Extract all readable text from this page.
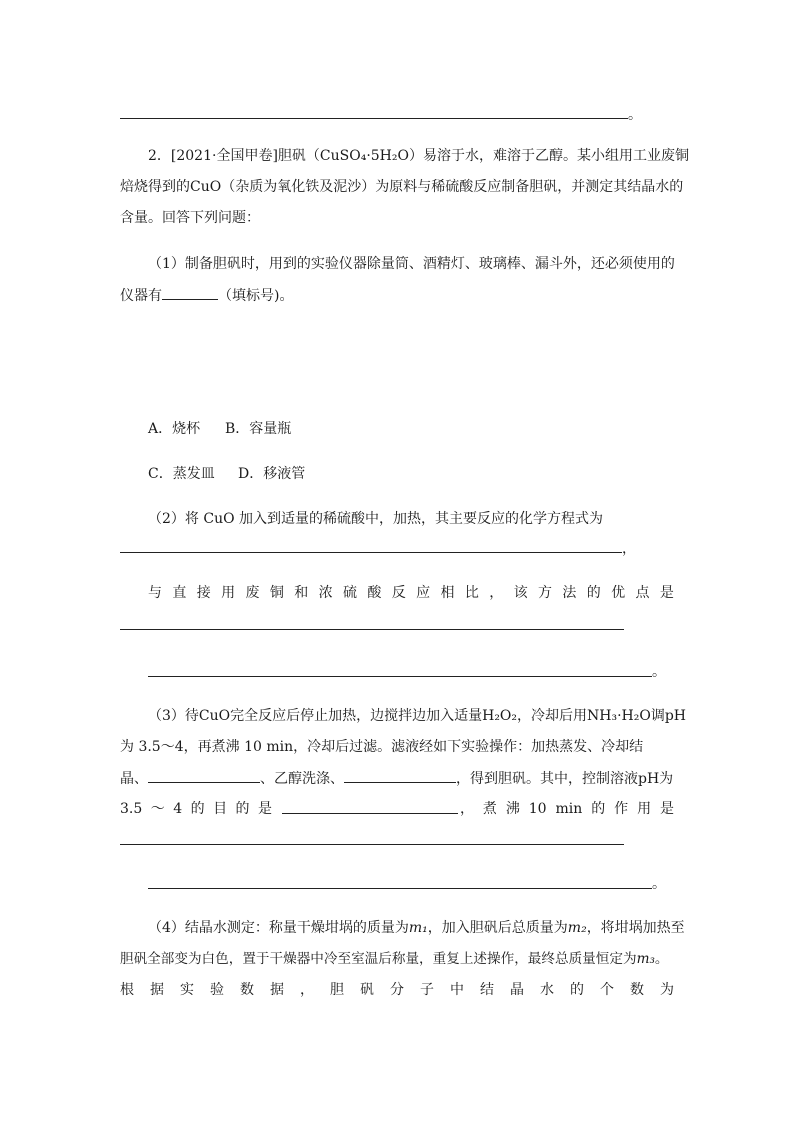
。
2．[2021·全国甲卷]胆矾（CuSO₄·5H₂O）易溶于水，难溶于乙醇。某小组用工业废铜
焙烧得到的CuO（杂质为氧化铁及泥沙）为原料与稀硫酸反应制备胆矾，并测定其结晶水的
含量。回答下列问题：
（1）制备胆矾时，用到的实验仪器除量筒、酒精灯、玻璃棒、漏斗外，还必须使用的
仪器有	（填标号)。
A．烧杯 B．容量瓶
C．蒸发皿 D．移液管
（2）将 CuO 加入到适量的稀硫酸中，加热，其主要反应的化学方程式为
，
与 直 接 用 废 铜 和 浓 硫 酸 反 应 相 比 ， 该 方 法 的 优 点 是
。
（3）待CuO完全反应后停止加热，边搅拌边加入适量H₂O₂，冷却后用NH₃·H₂O调pH
为 3.5～4，再煮沸 10 min，冷却后过滤。滤液经如下实验操作：加热蒸发、冷却结
晶、	、乙醇洗涤、	，得到胆矾。其中，控制溶液pH为
3.5 ～ 4 的 目 的 是	， 煮 沸 10 min 的 作 用 是
。
（4）结晶水测定：称量干燥坩埚的质量为m₁，加入胆矾后总质量为m₂，将坩埚加热至
胆矾全部变为白色，置于干燥器中冷至室温后称量，重复上述操作，最终总质量恒定为m₃。
根 据 实 验 数 据 ， 胆 矾 分 子 中 结 晶 水 的 个 数 为
